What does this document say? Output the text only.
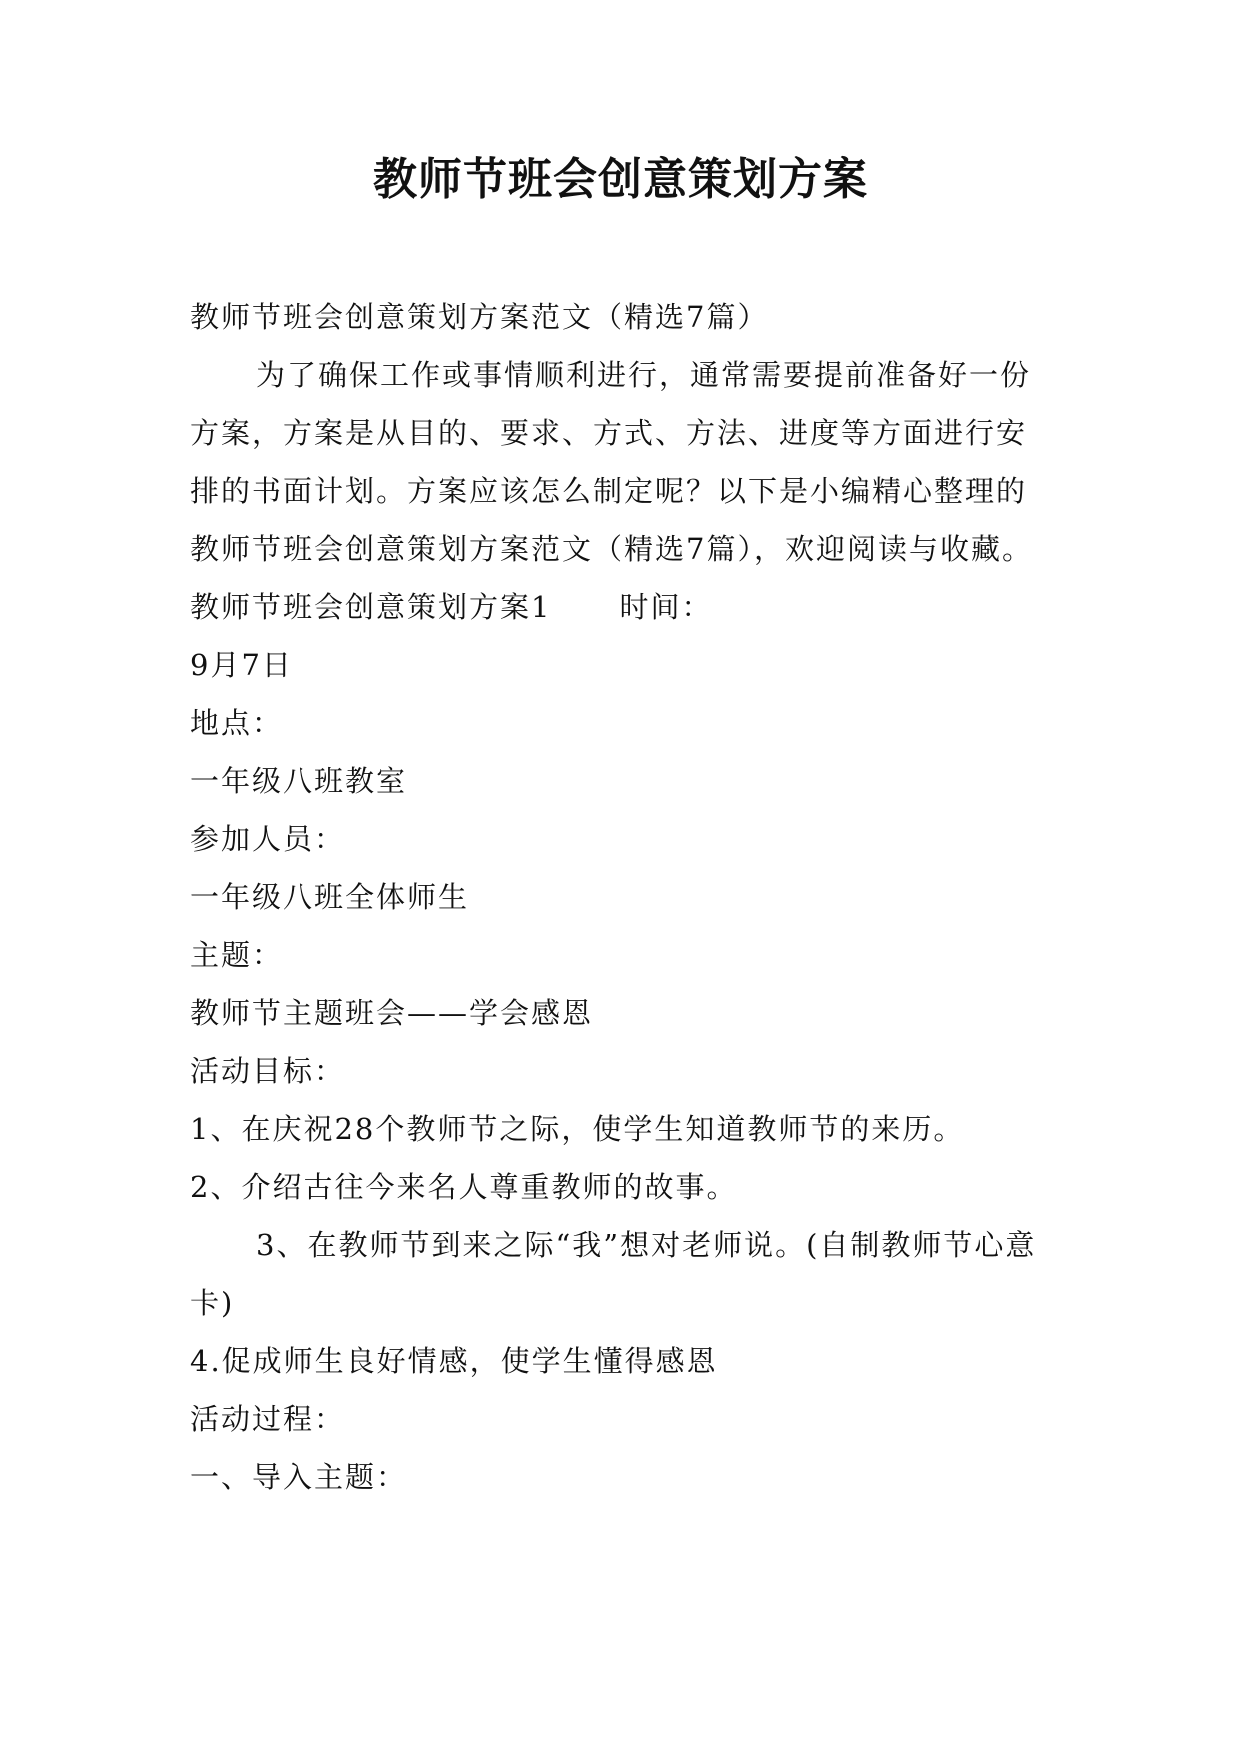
教师节班会创意策划方案

教师节班会创意策划方案范文（精选7篇）

为了确保工作或事情顺利进行，通常需要提前准备好一份方案，方案是从目的、要求、方式、方法、进度等方面进行安排的书面计划。方案应该怎么制定呢？以下是小编精心整理的教师节班会创意策划方案范文（精选7篇），欢迎阅读与收藏。

教师节班会创意策划方案1 时间：

9月7日

地点：

一年级八班教室

参加人员：

一年级八班全体师生

主题：

教师节主题班会——学会感恩

活动目标：

1、在庆祝28个教师节之际，使学生知道教师节的来历。

2、介绍古往今来名人尊重教师的故事。

3、在教师节到来之际“我”想对老师说。(自制教师节心意卡)

4.促成师生良好情感，使学生懂得感恩

活动过程：

一、导入主题：
